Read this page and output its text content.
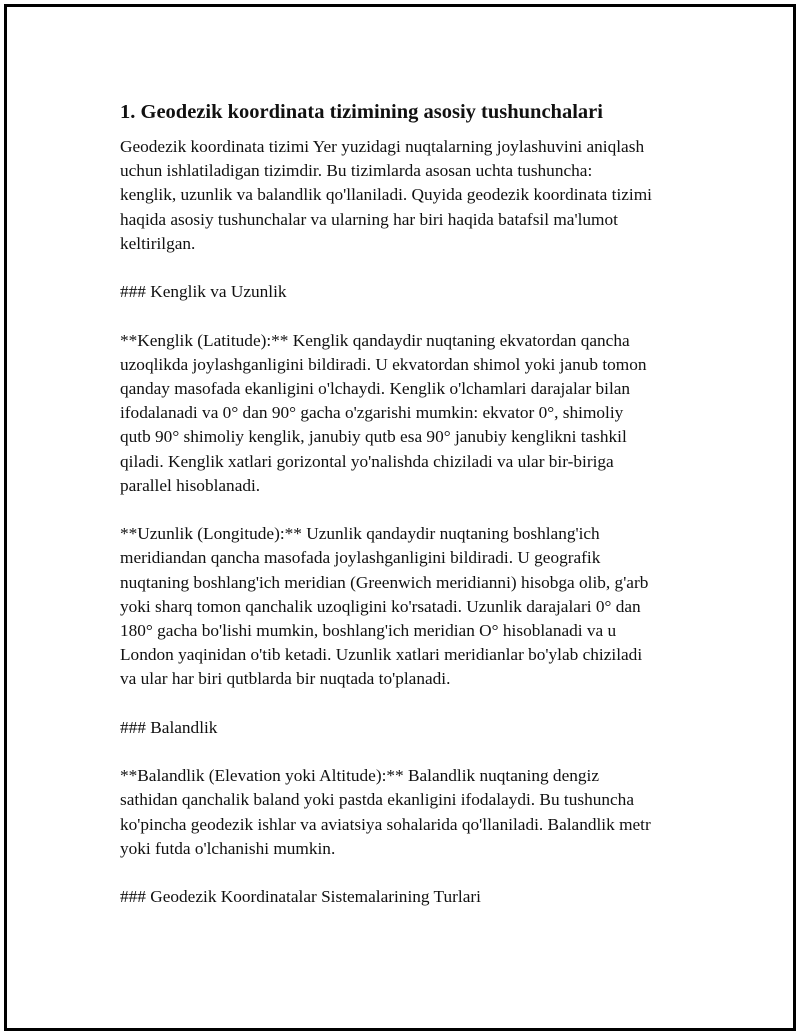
1. Geodezik koordinata tizimining asosiy tushunchalari

Geodezik koordinata tizimi Yer yuzidagi nuqtalarning joylashuvini aniqlash
uchun ishlatiladigan tizimdir. Bu tizimlarda asosan uchta tushuncha:
kenglik, uzunlik va balandlik qo'llaniladi. Quyida geodezik koordinata tizimi
haqida asosiy tushunchalar va ularning har biri haqida batafsil ma'lumot
keltirilgan.

### Kenglik va Uzunlik

**Kenglik (Latitude):** Kenglik qandaydir nuqtaning ekvatordan qancha
uzoqlikda joylashganligini bildiradi. U ekvatordan shimol yoki janub tomon
qanday masofada ekanligini o'lchaydi. Kenglik o'lchamlari darajalar bilan
ifodalanadi va 0° dan 90° gacha o'zgarishi mumkin: ekvator 0°, shimoliy
qutb 90° shimoliy kenglik, janubiy qutb esa 90° janubiy kenglikni tashkil
qiladi. Kenglik xatlari gorizontal yo'nalishda chiziladi va ular bir-biriga
parallel hisoblanadi.

**Uzunlik (Longitude):** Uzunlik qandaydir nuqtaning boshlang'ich
meridiandan qancha masofada joylashganligini bildiradi. U geografik
nuqtaning boshlang'ich meridian (Greenwich meridianni) hisobga olib, g'arb
yoki sharq tomon qanchalik uzoqligini ko'rsatadi. Uzunlik darajalari 0° dan
180° gacha bo'lishi mumkin, boshlang'ich meridian O° hisoblanadi va u
London yaqinidan o'tib ketadi. Uzunlik xatlari meridianlar bo'ylab chiziladi
va ular har biri qutblarda bir nuqtada to'planadi.

### Balandlik

**Balandlik (Elevation yoki Altitude):** Balandlik nuqtaning dengiz
sathidan qanchalik baland yoki pastda ekanligini ifodalaydi. Bu tushuncha
ko'pincha geodezik ishlar va aviatsiya sohalarida qo'llaniladi. Balandlik metr
yoki futda o'lchanishi mumkin.

### Geodezik Koordinatalar Sistemalarining Turlari
